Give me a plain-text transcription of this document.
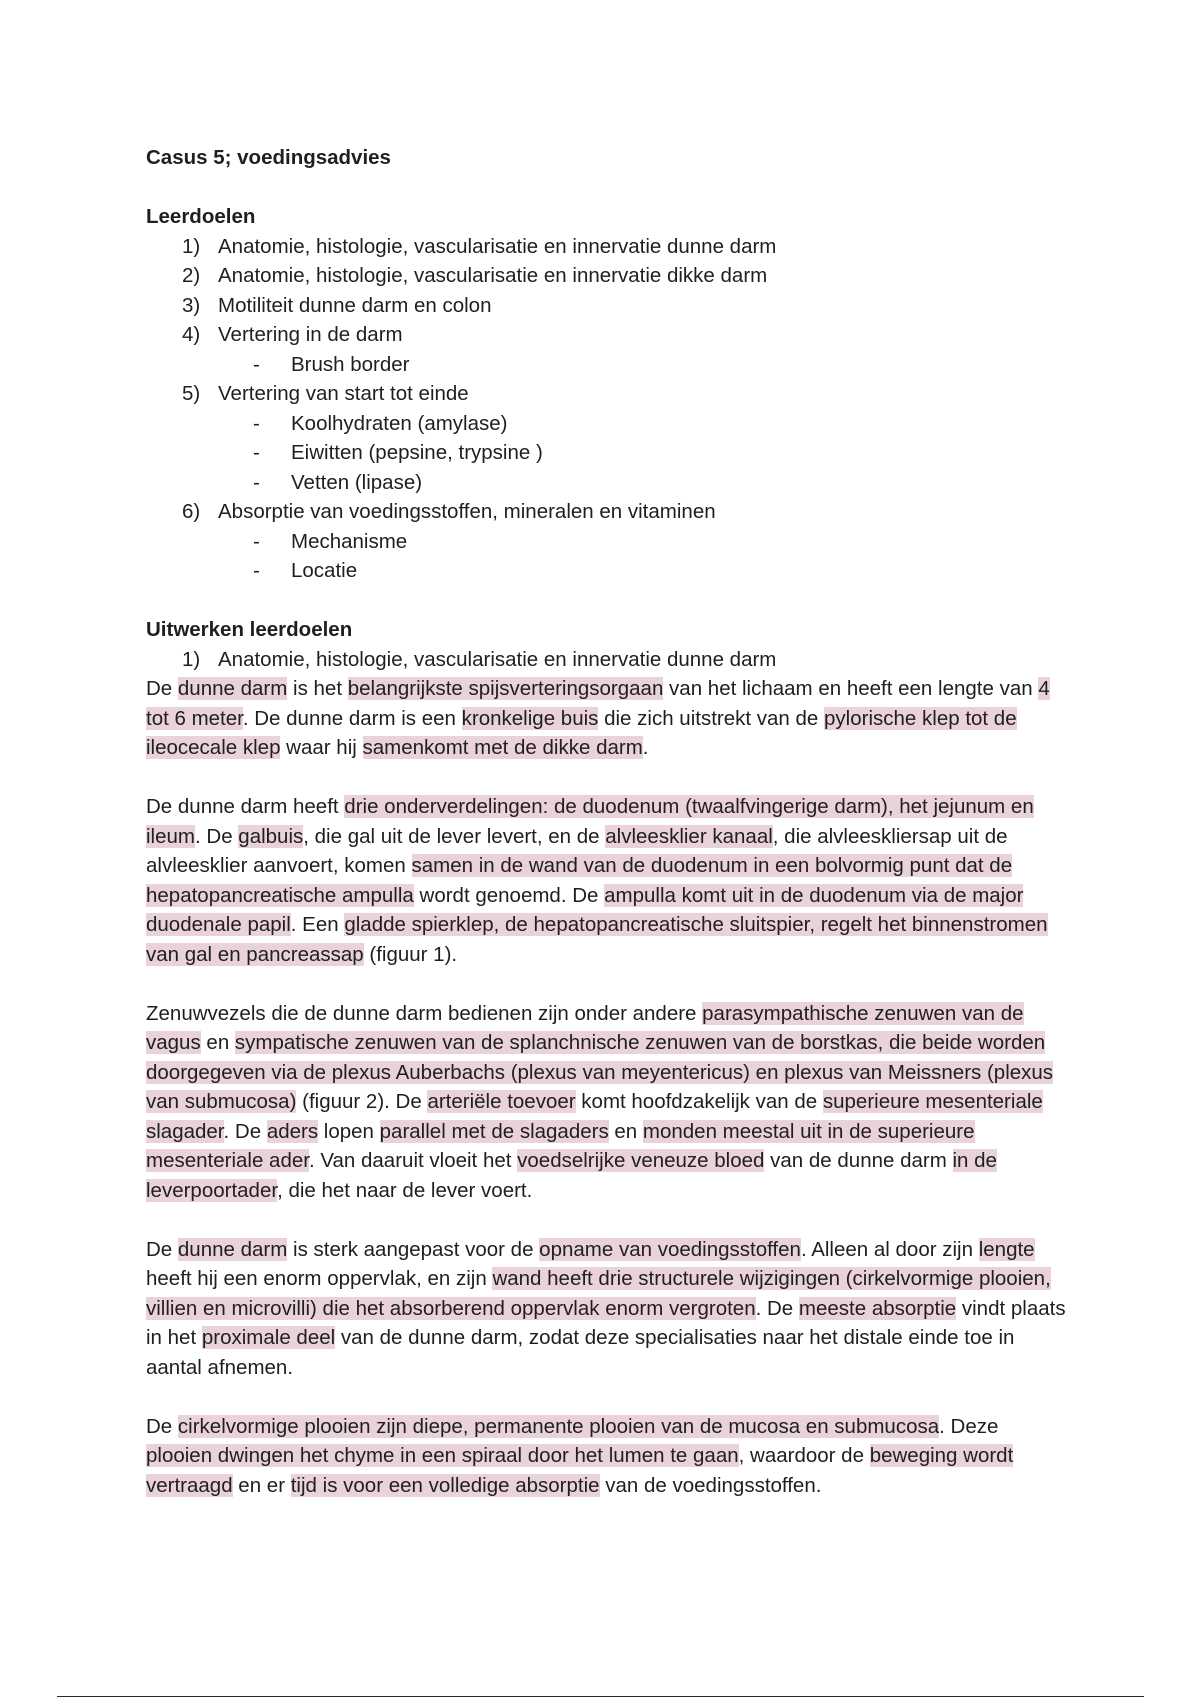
Casus 5; voedingsadvies
Leerdoelen
1) Anatomie, histologie, vascularisatie en innervatie dunne darm
2) Anatomie, histologie, vascularisatie en innervatie dikke darm
3) Motiliteit dunne darm en colon
4) Vertering in de darm
- Brush border
5) Vertering van start tot einde
- Koolhydraten (amylase)
- Eiwitten (pepsine, trypsine )
- Vetten (lipase)
6) Absorptie van voedingsstoffen, mineralen en vitaminen
- Mechanisme
- Locatie
Uitwerken leerdoelen
1) Anatomie, histologie, vascularisatie en innervatie dunne darm

De dunne darm is het belangrijkste spijsverteringsorgaan van het lichaam en heeft een lengte van 4 tot 6 meter. De dunne darm is een kronkelige buis die zich uitstrekt van de pylorische klep tot de ileocecale klep waar hij samenkomt met de dikke darm.

De dunne darm heeft drie onderverdelingen: de duodenum (twaalfvingerige darm), het jejunum en ileum. De galbuis, die gal uit de lever levert, en de alvleesklier kanaal, die alvleeskliersap uit de alvleesklier aanvoert, komen samen in de wand van de duodenum in een bolvormig punt dat de hepatopancreatische ampulla wordt genoemd. De ampulla komt uit in de duodenum via de major duodenale papil. Een gladde spierklep, de hepatopancreatische sluitspier, regelt het binnenstromen van gal en pancreassap (figuur 1).

Zenuwvezels die de dunne darm bedienen zijn onder andere parasympathische zenuwen van de vagus en sympatische zenuwen van de splanchnische zenuwen van de borstkas, die beide worden doorgegeven via de plexus Auberbachs (plexus van meyentericus) en plexus van Meissners (plexus van submucosa) (figuur 2). De arteriële toevoer komt hoofdzakelijk van de superieure mesenteriale slagader. De aders lopen parallel met de slagaders en monden meestal uit in de superieure mesenteriale ader. Van daaruit vloeit het voedselrijke veneuze bloed van de dunne darm in de leverpoortader, die het naar de lever voert.

De dunne darm is sterk aangepast voor de opname van voedingsstoffen. Alleen al door zijn lengte heeft hij een enorm oppervlak, en zijn wand heeft drie structurele wijzigingen (cirkelvormige plooien, villien en microvilli) die het absorberend oppervlak enorm vergroten. De meeste absorptie vindt plaats in het proximale deel van de dunne darm, zodat deze specialisaties naar het distale einde toe in aantal afnemen.

De cirkelvormige plooien zijn diepe, permanente plooien van de mucosa en submucosa. Deze plooien dwingen het chyme in een spiraal door het lumen te gaan, waardoor de beweging wordt vertraagd en er tijd is voor een volledige absorptie van de voedingsstoffen.
